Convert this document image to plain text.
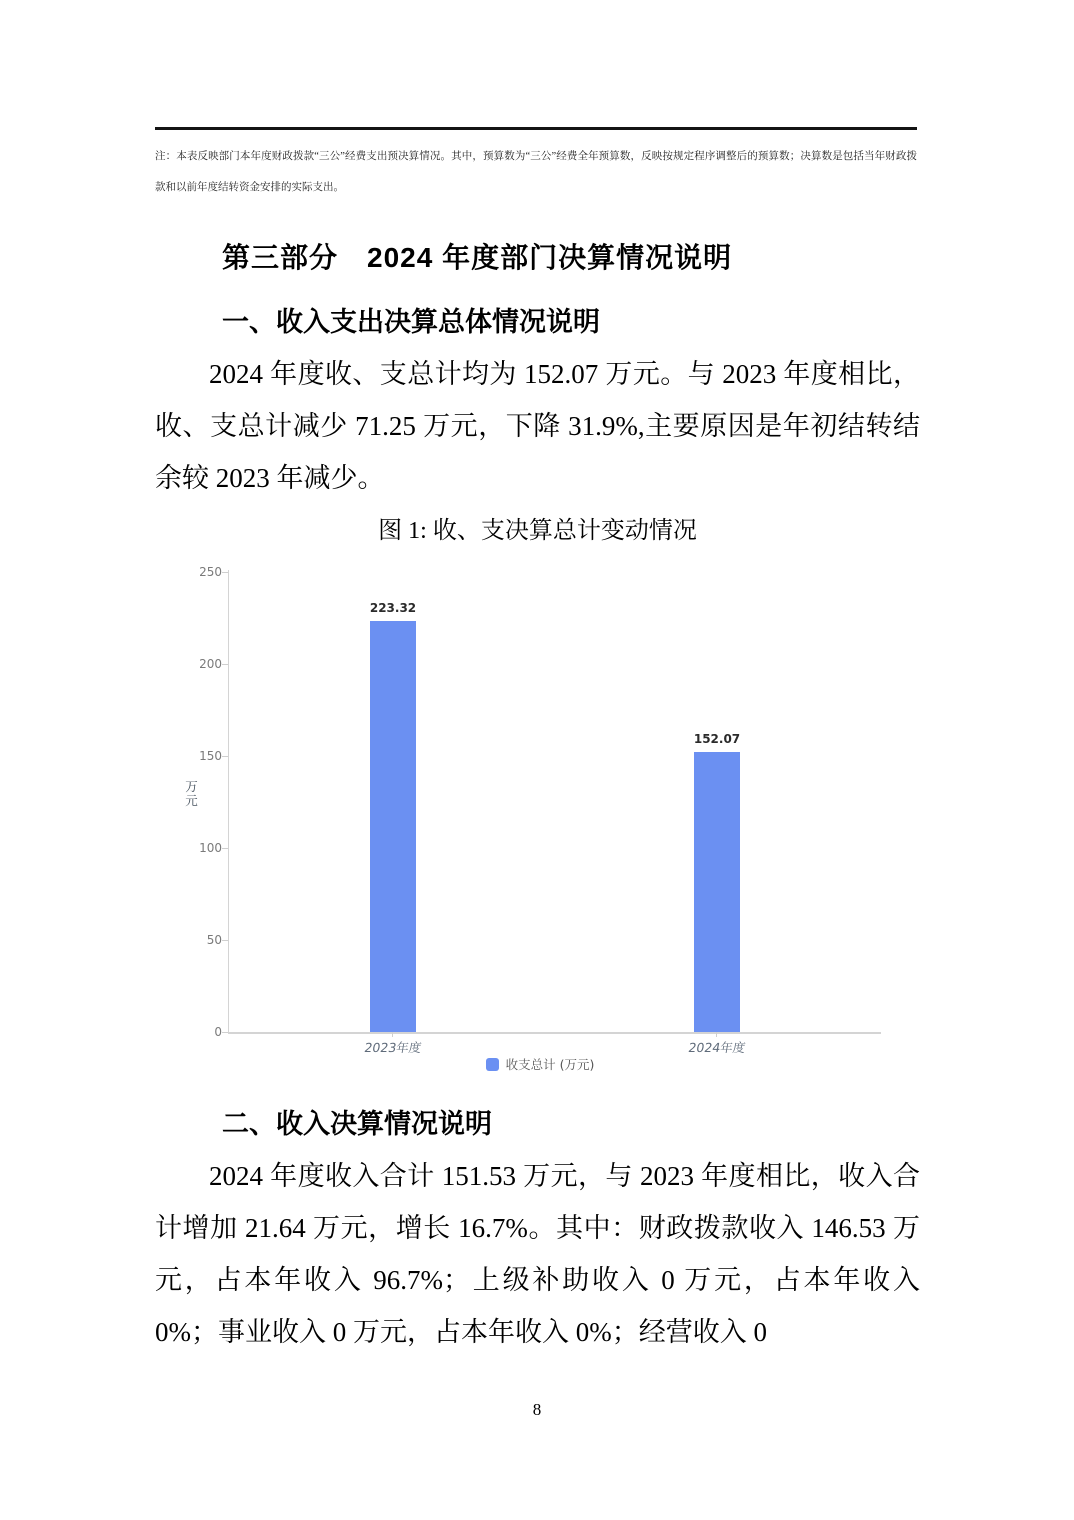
注：本表反映部门本年度财政拨款“三公”经费支出预决算情况。其中，预算数为“三公”经费全年预算数，反映按规定程序调整后的预算数；决算数是包括当年财政拨款和以前年度结转资金安排的实际支出。

第三部分　2024 年度部门决算情况说明
一、收入支出决算总体情况说明

2024 年度收、支总计均为 152.07 万元。与 2023 年度相比，收、支总计减少 71.25 万元，下降 31.9%,主要原因是年初结转结余较 2023 年减少。

图 1: 收、支决算总计变动情况
万元
250
200
150
100
50
0
223.32
152.07
2023年度	2024年度
收支总计 (万元)
二、收入决算情况说明

2024 年度收入合计 151.53 万元，与 2023 年度相比，收入合计增加 21.64 万元，增长 16.7%。其中：财政拨款收入 146.53 万元，占本年收入 96.7%；上级补助收入 0 万元，占本年收入 0%；事业收入 0 万元，占本年收入 0%；经营收入 0

8
